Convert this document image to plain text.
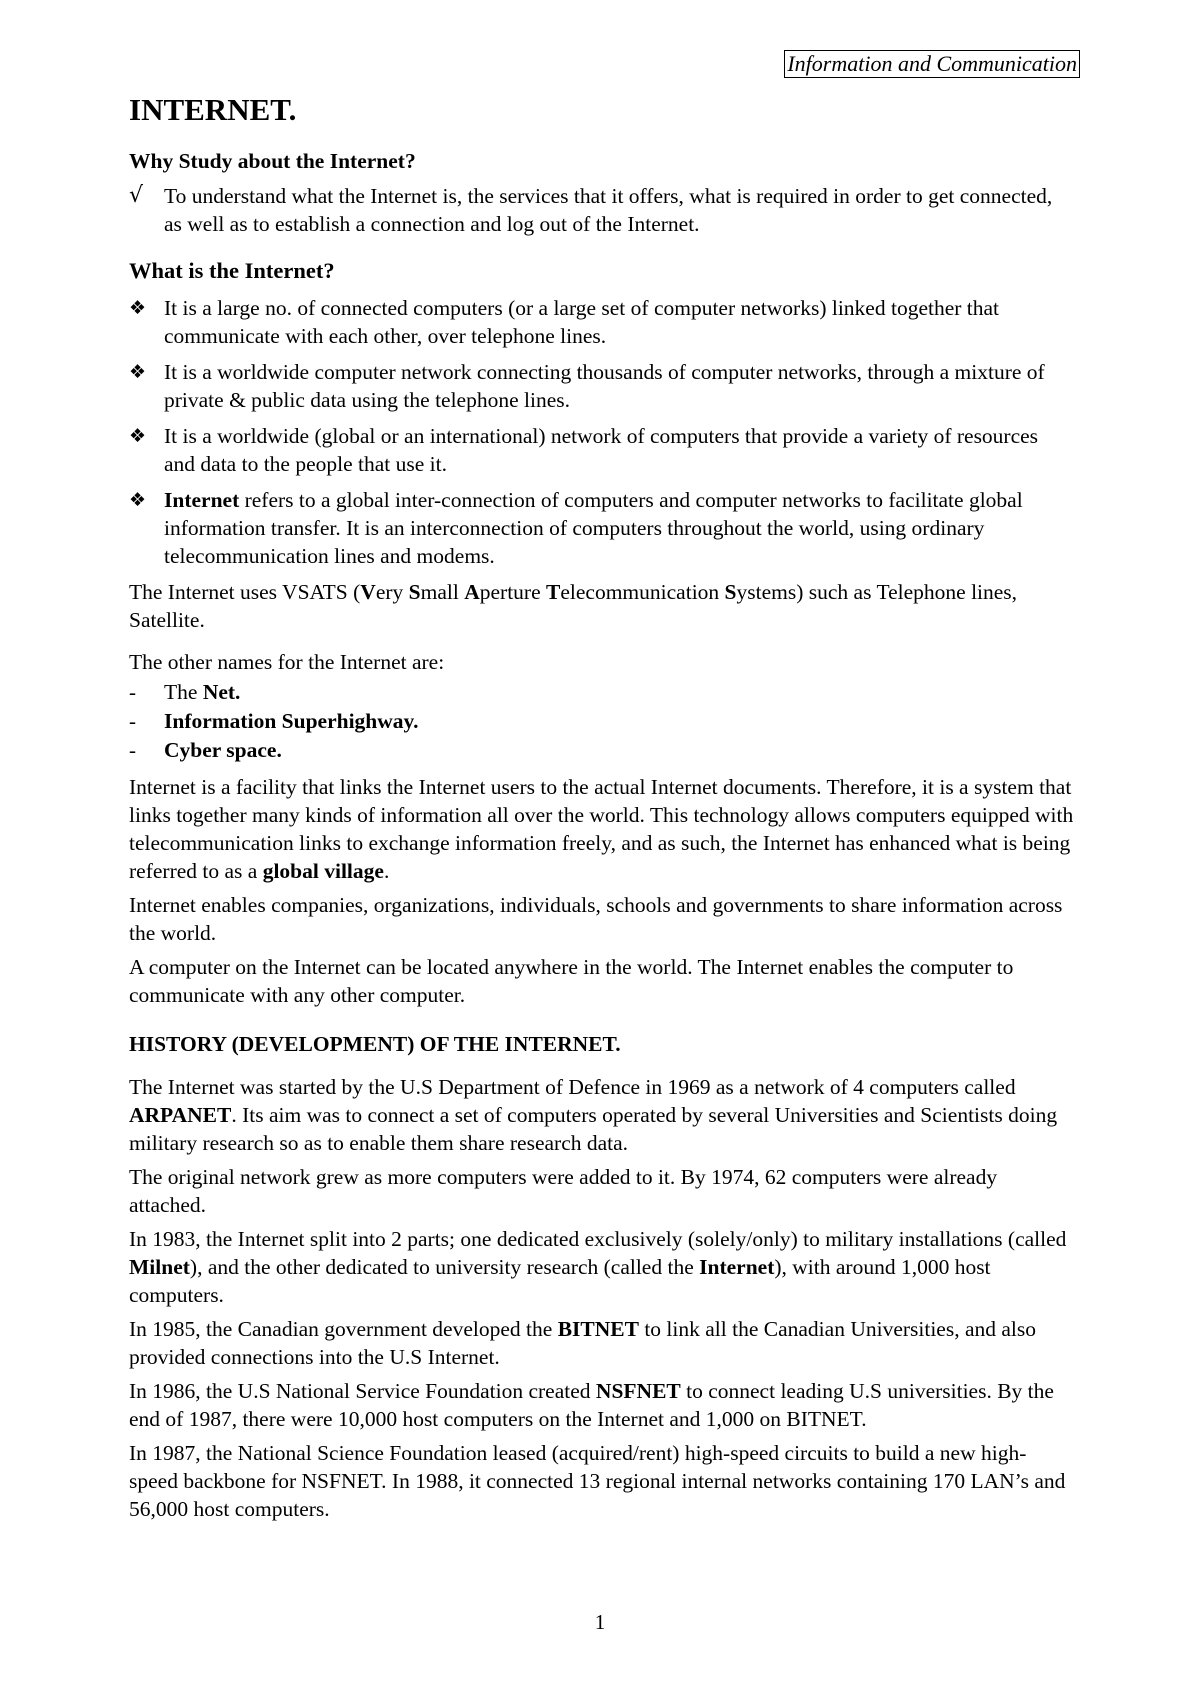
Information and Communication
INTERNET.
Why Study about the Internet?
√ To understand what the Internet is, the services that it offers, what is required in order to get connected, as well as to establish a connection and log out of the Internet.
What is the Internet?
❖ It is a large no. of connected computers (or a large set of computer networks) linked together that communicate with each other, over telephone lines.
❖ It is a worldwide computer network connecting thousands of computer networks, through a mixture of private & public data using the telephone lines.
❖ It is a worldwide (global or an international) network of computers that provide a variety of resources and data to the people that use it.
❖ Internet refers to a global inter-connection of computers and computer networks to facilitate global information transfer. It is an interconnection of computers throughout the world, using ordinary telecommunication lines and modems.

The Internet uses VSATS (Very Small Aperture Telecommunication Systems) such as Telephone lines, Satellite.

The other names for the Internet are:

- The Net.
- Information Superhighway.
- Cyber space.

Internet is a facility that links the Internet users to the actual Internet documents. Therefore, it is a system that links together many kinds of information all over the world. This technology allows computers equipped with telecommunication links to exchange information freely, and as such, the Internet has enhanced what is being referred to as a global village.

Internet enables companies, organizations, individuals, schools and governments to share information across the world.

A computer on the Internet can be located anywhere in the world. The Internet enables the computer to communicate with any other computer.

HISTORY (DEVELOPMENT) OF THE INTERNET.

The Internet was started by the U.S Department of Defence in 1969 as a network of 4 computers called ARPANET. Its aim was to connect a set of computers operated by several Universities and Scientists doing military research so as to enable them share research data.

The original network grew as more computers were added to it. By 1974, 62 computers were already attached.

In 1983, the Internet split into 2 parts; one dedicated exclusively (solely/only) to military installations (called Milnet), and the other dedicated to university research (called the Internet), with around 1,000 host computers.

In 1985, the Canadian government developed the BITNET to link all the Canadian Universities, and also provided connections into the U.S Internet.

In 1986, the U.S National Service Foundation created NSFNET to connect leading U.S universities. By the end of 1987, there were 10,000 host computers on the Internet and 1,000 on BITNET.

In 1987, the National Science Foundation leased (acquired/rent) high-speed circuits to build a new high-speed backbone for NSFNET. In 1988, it connected 13 regional internal networks containing 170 LAN’s and 56,000 host computers.

1
